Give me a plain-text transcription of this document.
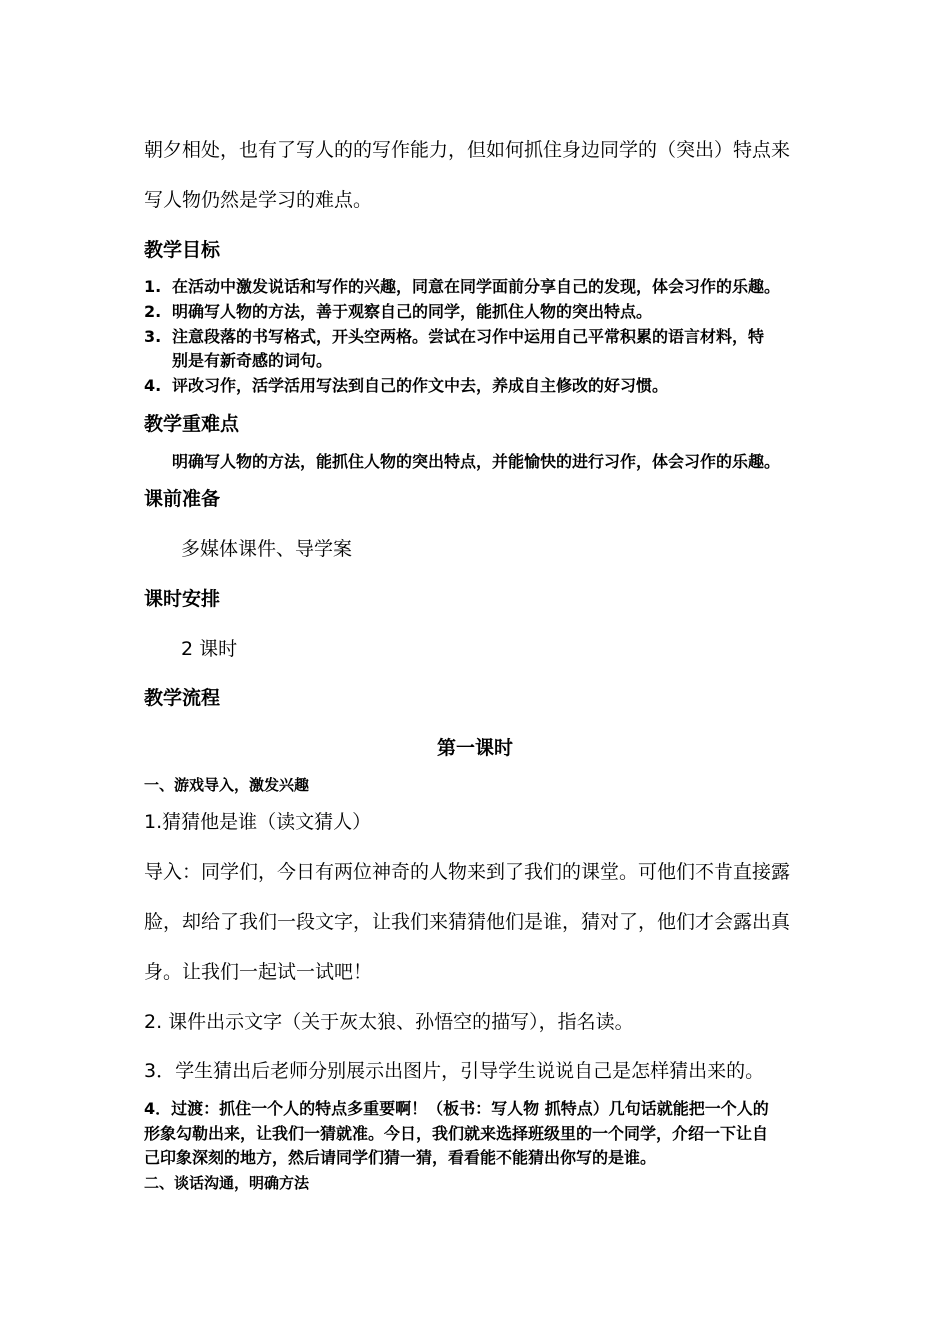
朝夕相处，也有了写人的的写作能力，但如何抓住身边同学的（突出）特点来

写人物仍然是学习的难点。

教学目标

1. 在活动中激发说话和写作的兴趣，同意在同学面前分享自己的发现，体会习作的乐趣。

2. 明确写人物的方法，善于观察自己的同学，能抓住人物的突出特点。

3. 注意段落的书写格式，开头空两格。尝试在习作中运用自己平常积累的语言材料，特

别是有新奇感的词句。

4. 评改习作，活学活用写法到自己的作文中去，养成自主修改的好习惯。

教学重难点

明确写人物的方法，能抓住人物的突出特点，并能愉快的进行习作，体会习作的乐趣。

课前准备

多媒体课件、导学案

课时安排

2 课时

教学流程

第一课时

一、游戏导入，激发兴趣

1.猜猜他是谁（读文猜人）

导入：同学们，今日有两位神奇的人物来到了我们的课堂。可他们不肯直接露

脸，却给了我们一段文字，让我们来猜猜他们是谁，猜对了，他们才会露出真

身。让我们一起试一试吧！

2. 课件出示文字（关于灰太狼、孙悟空的描写），指名读。

3．学生猜出后老师分别展示出图片，引导学生说说自己是怎样猜出来的。

4．过渡：抓住一个人的特点多重要啊！（板书：写人物 抓特点）几句话就能把一个人的

形象勾勒出来，让我们一猜就准。今日，我们就来选择班级里的一个同学，介绍一下让自

己印象深刻的地方，然后请同学们猜一猜，看看能不能猜出你写的是谁。

二、谈话沟通，明确方法
